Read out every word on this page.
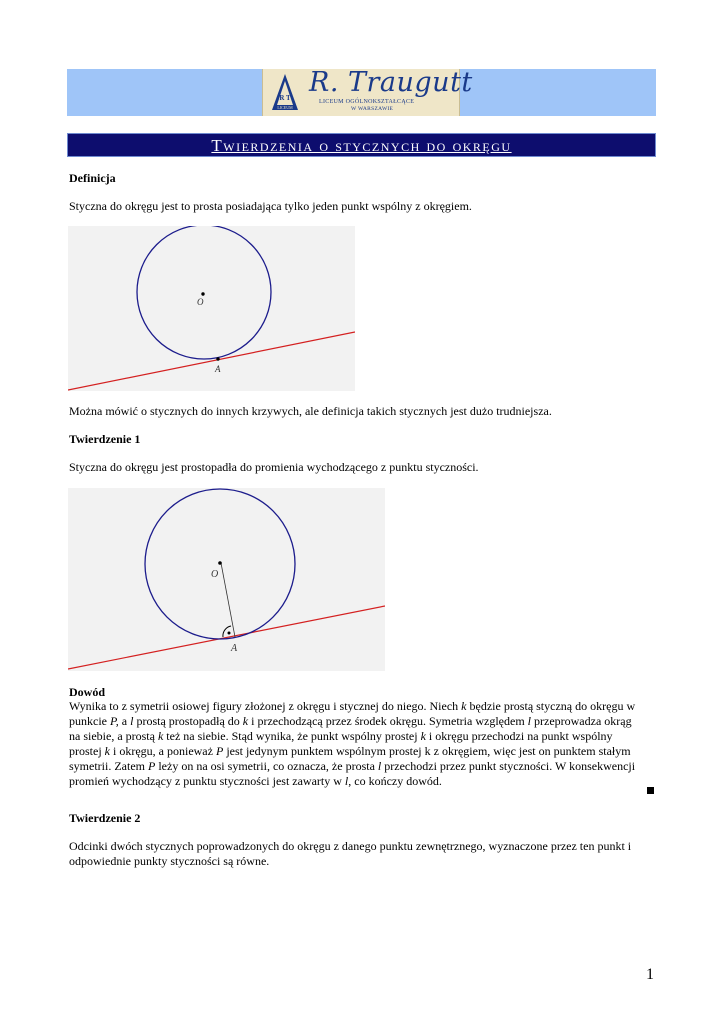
R T
LICEUM
R. Traugutt
LICEUM OGÓLNOKSZTAŁCĄCE
W WARSZAWIE
Twierdzenia o stycznych do okręgu
Definicja
Styczna do okręgu jest to prosta posiadająca tylko jeden punkt wspólny z okręgiem.
O
A
Można mówić o stycznych do innych krzywych, ale definicja takich stycznych jest dużo trudniejsza.
Twierdzenie 1
Styczna do okręgu jest prostopadła do promienia wychodzącego z punktu styczności.
O
A
Dowód
Wynika to z symetrii osiowej figury złożonej z okręgu i stycznej do niego. Niech k będzie prostą styczną do okręgu w
punkcie P, a l prostą prostopadłą do k i przechodzącą przez środek okręgu. Symetria względem l przeprowadza okrąg
na siebie, a prostą k też na siebie. Stąd wynika, że punkt wspólny prostej k i okręgu przechodzi na punkt wspólny
prostej k i okręgu, a ponieważ P jest jedynym punktem wspólnym prostej k z okręgiem, więc jest on punktem stałym
symetrii. Zatem P leży on na osi symetrii, co oznacza, że prosta l przechodzi przez punkt styczności. W konsekwencji
promień wychodzący z punktu styczności jest zawarty w l, co kończy dowód.
Twierdzenie 2
Odcinki dwóch stycznych poprowadzonych do okręgu z danego punktu zewnętrznego, wyznaczone przez ten punkt i
odpowiednie punkty styczności są równe.
1
